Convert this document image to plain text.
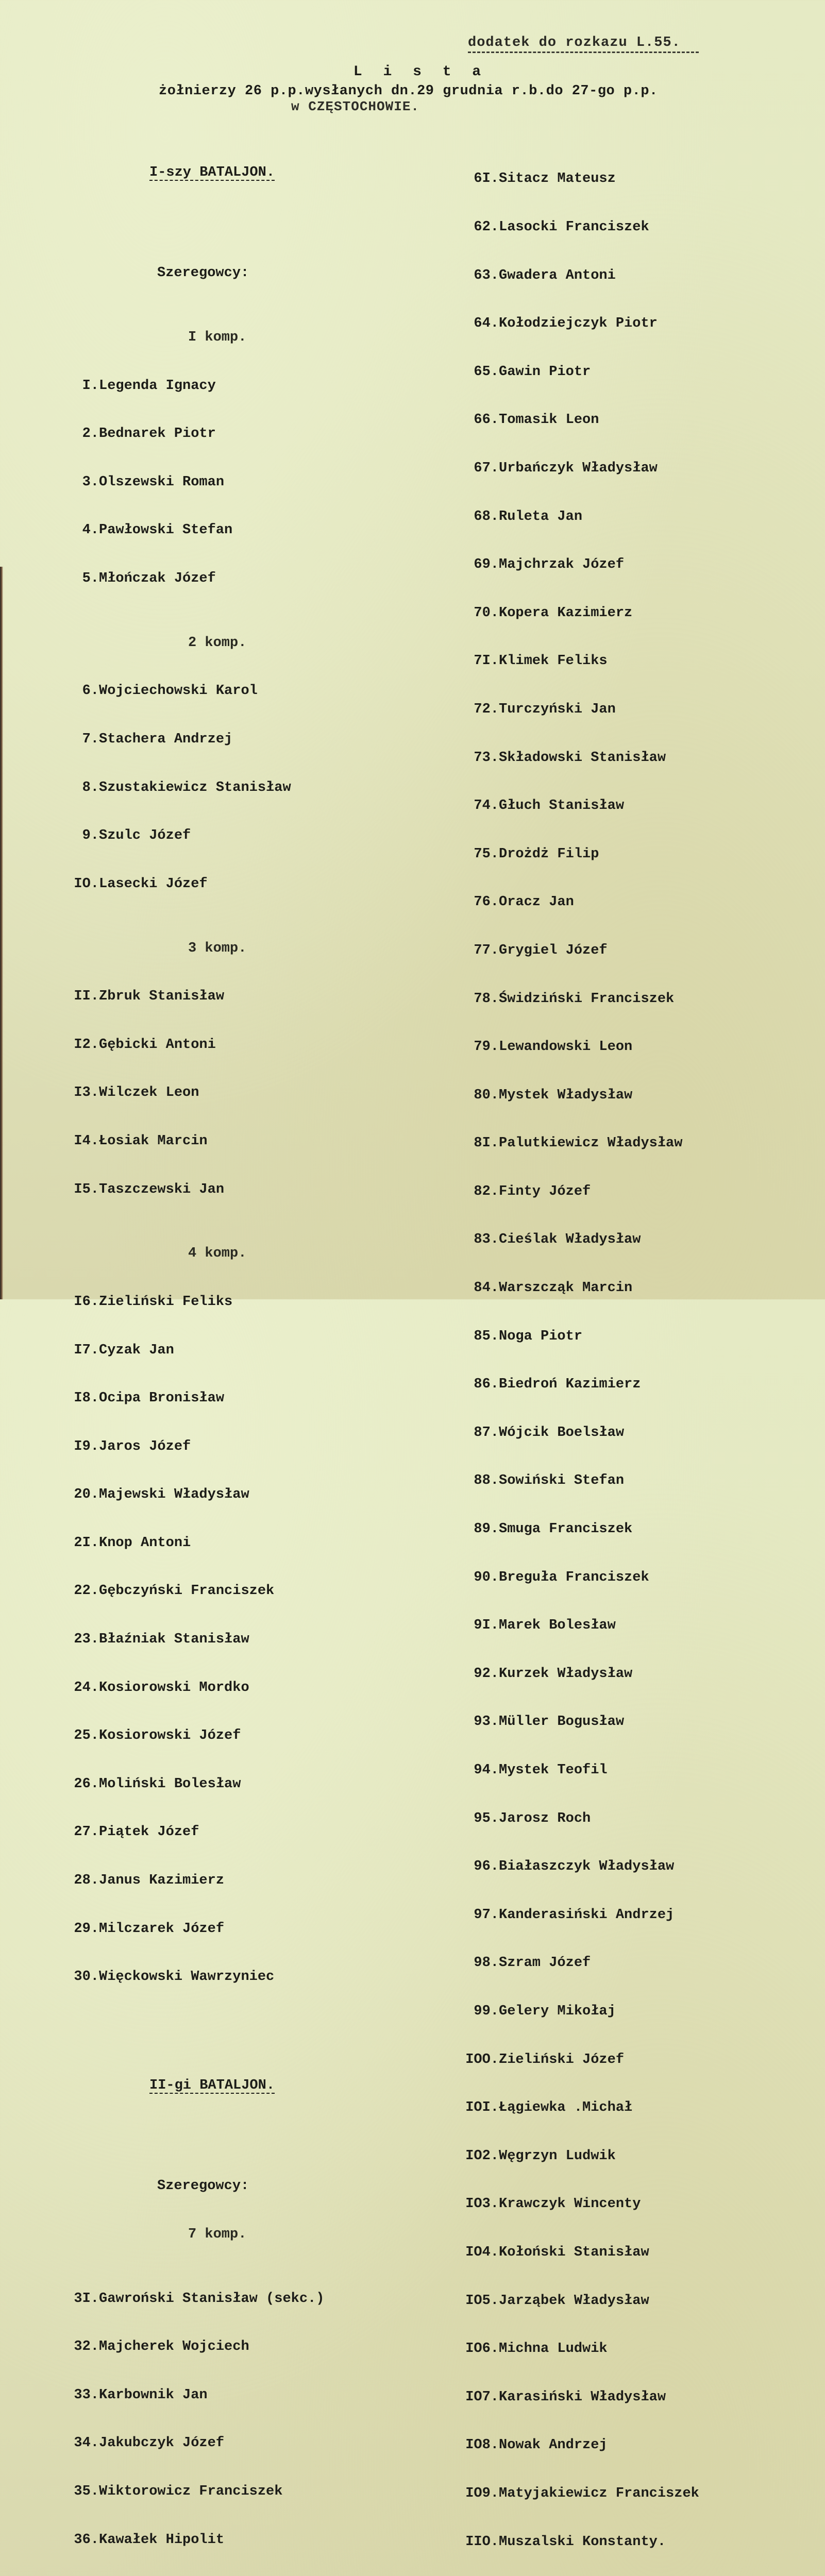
dodatek do rozkazu L.55.
L i s t a
żołnierzy 26 p.p.wysłanych dn.29 grudnia r.b.do 27-go p.p.
w CZĘSTOCHOWIE.

I-szy BATALJON.

Szeregowcy:

I komp.

I.Legenda Ignacy

2.Bednarek Piotr

3.Olszewski Roman

4.Pawłowski Stefan

5.Młończak Józef

2 komp.

6.Wojciechowski Karol

7.Stachera Andrzej

8.Szustakiewicz Stanisław

9.Szulc Józef

IO.Lasecki Józef

3 komp.

II.Zbruk Stanisław

I2.Gębicki Antoni

I3.Wilczek Leon

I4.Łosiak Marcin

I5.Taszczewski Jan

4 komp.

I6.Zieliński Feliks

I7.Cyzak Jan

I8.Ocipa Bronisław

I9.Jaros Józef

20.Majewski Władysław

2I.Knop Antoni

22.Gębczyński Franciszek

23.Błaźniak Stanisław

24.Kosiorowski Mordko

25.Kosiorowski Józef

26.Moliński Bolesław

27.Piątek Józef

28.Janus Kazimierz

29.Milczarek Józef

30.Więckowski Wawrzyniec

II-gi BATALJON.

Szeregowcy:

7 komp.

3I.Gawroński Stanisław (sekc.)

32.Majcherek Wojciech

33.Karbownik Jan

34.Jakubczyk Józef

35.Wiktorowicz Franciszek

36.Kawałek Hipolit

6I.Sitacz Mateusz

62.Lasocki Franciszek

63.Gwadera Antoni

64.Kołodziejczyk Piotr

65.Gawin Piotr

66.Tomasik Leon

67.Urbańczyk Władysław

68.Ruleta Jan

69.Majchrzak Józef

70.Kopera Kazimierz

7I.Klimek Feliks

72.Turczyński Jan

73.Składowski Stanisław

74.Głuch Stanisław

75.Drożdż Filip

76.Oracz Jan

77.Grygiel Józef

78.Świdziński Franciszek

79.Lewandowski Leon

80.Mystek Władysław

8I.Palutkiewicz Władysław

82.Finty Józef

83.Cieślak Władysław

84.Warszcząk Marcin

85.Noga Piotr

86.Biedroń Kazimierz

87.Wójcik Boelsław

88.Sowiński Stefan

89.Smuga Franciszek

90.Breguła Franciszek

9I.Marek Bolesław

92.Kurzek Władysław

93.Müller Bogusław

94.Mystek Teofil

95.Jarosz Roch

96.Białaszczyk Władysław

97.Kanderasiński Andrzej

98.Szram Józef

99.Gelery Mikołaj

IOO.Zieliński Józef

IOI.Łągiewka .Michał

IO2.Węgrzyn Ludwik

IO3.Krawczyk Wincenty

IO4.Kołoński Stanisław

IO5.Jarząbek Władysław

IO6.Michna Ludwik

IO7.Karasiński Władysław

IO8.Nowak Andrzej

IO9.Matyjakiewicz Franciszek

IIO.Muszalski Konstanty.
